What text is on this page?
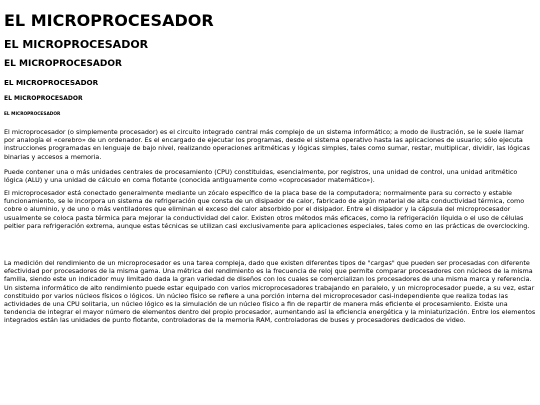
EL MICROPROCESADOR
EL MICROPROCESADOR
EL MICROPROCESADOR
EL MICROPROCESADOR
EL MICROPROCESADOR
EL MICROPROCESADOR

El microprocesador (o simplemente procesador) es el circuito integrado central más complejo de un sistema informático; a modo de ilustración, se le suele llamar por analogía el «cerebro» de un ordenador. Es el encargado de ejecutar los programas, desde el sistema operativo hasta las aplicaciones de usuario; sólo ejecuta instrucciones programadas en lenguaje de bajo nivel, realizando operaciones aritméticas y lógicas simples, tales como sumar, restar, multiplicar, dividir, las lógicas binarias y accesos a memoria.

Puede contener una o más unidades centrales de procesamiento (CPU) constituidas, esencialmente, por registros, una unidad de control, una unidad aritmético lógica (ALU) y una unidad de cálculo en coma flotante (conocida antiguamente como «coprocesador matemático»).

El microprocesador está conectado generalmente mediante un zócalo específico de la placa base de la computadora; normalmente para su correcto y estable funcionamiento, se le incorpora un sistema de refrigeración que consta de un disipador de calor, fabricado de algún material de alta conductividad térmica, como cobre o aluminio, y de uno o más ventiladores que eliminan el exceso del calor absorbido por el disipador. Entre el disipador y la cápsula del microprocesador usualmente se coloca pasta térmica para mejorar la conductividad del calor. Existen otros métodos más eficaces, como la refrigeración líquida o el uso de células peltier para refrigeración extrema, aunque estas técnicas se utilizan casi exclusivamente para aplicaciones especiales, tales como en las prácticas de overclocking.

La medición del rendimiento de un microprocesador es una tarea compleja, dado que existen diferentes tipos de "cargas" que pueden ser procesadas con diferente efectividad por procesadores de la misma gama. Una métrica del rendimiento es la frecuencia de reloj que permite comparar procesadores con núcleos de la misma familia, siendo este un indicador muy limitado dada la gran variedad de diseños con los cuales se comercializan los procesadores de una misma marca y referencia. Un sistema informático de alto rendimiento puede estar equipado con varios microprocesadores trabajando en paralelo, y un microprocesador puede, a su vez, estar constituido por varios núcleos físicos o lógicos. Un núcleo físico se refiere a una porción interna del microprocesador casi-independiente que realiza todas las actividades de una CPU solitaria, un núcleo lógico es la simulación de un núcleo físico a fin de repartir de manera más eficiente el procesamiento. Existe una tendencia de integrar el mayor número de elementos dentro del propio procesador, aumentando así la eficiencia energética y la miniaturización. Entre los elementos integrados están las unidades de punto flotante, controladoras de la memoria RAM, controladoras de buses y procesadores dedicados de video.
